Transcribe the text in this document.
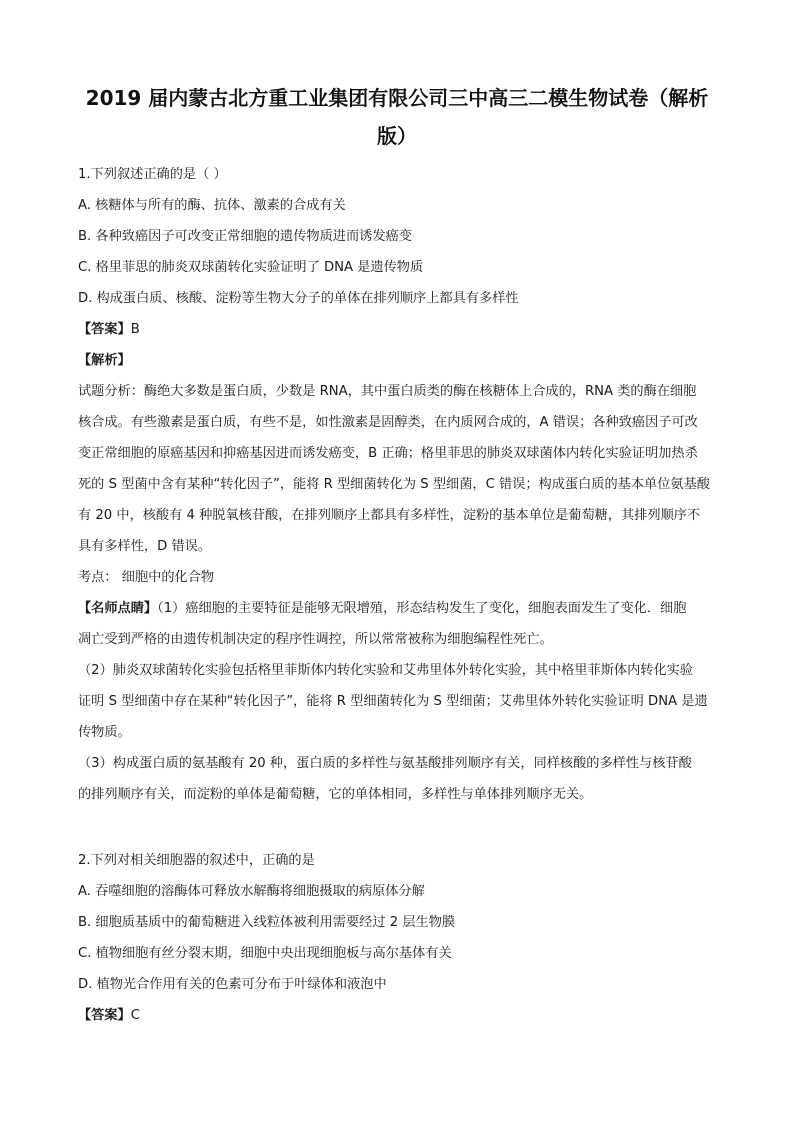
2019 届内蒙古北方重工业集团有限公司三中高三二模生物试卷（解析
版）
1.下列叙述正确的是（ ）
A. 核糖体与所有的酶、抗体、激素的合成有关
B. 各种致癌因子可改变正常细胞的遗传物质进而诱发癌变
C. 格里菲思的肺炎双球菌转化实验证明了 DNA 是遗传物质
D. 构成蛋白质、核酸、淀粉等生物大分子的单体在排列顺序上都具有多样性
【答案】B
【解析】
试题分析：酶绝大多数是蛋白质，少数是 RNA，其中蛋白质类的酶在核糖体上合成的，RNA 类的酶在细胞
核合成。有些激素是蛋白质，有些不是，如性激素是固醇类，在内质网合成的，A 错误；各种致癌因子可改
变正常细胞的原癌基因和抑癌基因进而诱发癌变，B 正确；格里菲思的肺炎双球菌体内转化实验证明加热杀
死的 S 型菌中含有某种“转化因子”，能将 R 型细菌转化为 S 型细菌，C 错误；构成蛋白质的基本单位氨基酸
有 20 中，核酸有 4 种脱氧核苷酸，在排列顺序上都具有多样性，淀粉的基本单位是葡萄糖，其排列顺序不
具有多样性，D 错误。
考点： 细胞中的化合物
【名师点睛】（1）癌细胞的主要特征是能够无限增殖，形态结构发生了变化，细胞表面发生了变化．细胞
凋亡受到严格的由遗传机制决定的程序性调控，所以常常被称为细胞编程性死亡。
（2）肺炎双球菌转化实验包括格里菲斯体内转化实验和艾弗里体外转化实验，其中格里菲斯体内转化实验
证明 S 型细菌中存在某种“转化因子”，能将 R 型细菌转化为 S 型细菌；艾弗里体外转化实验证明 DNA 是遗
传物质。
（3）构成蛋白质的氨基酸有 20 种，蛋白质的多样性与氨基酸排列顺序有关，同样核酸的多样性与核苷酸
的排列顺序有关，而淀粉的单体是葡萄糖，它的单体相同，多样性与单体排列顺序无关。
2.下列对相关细胞器的叙述中，正确的是
A. 吞噬细胞的溶酶体可释放水解酶将细胞摄取的病原体分解
B. 细胞质基质中的葡萄糖进入线粒体被利用需要经过 2 层生物膜
C. 植物细胞有丝分裂末期，细胞中央出现细胞板与高尔基体有关
D. 植物光合作用有关的色素可分布于叶绿体和液泡中
【答案】C
